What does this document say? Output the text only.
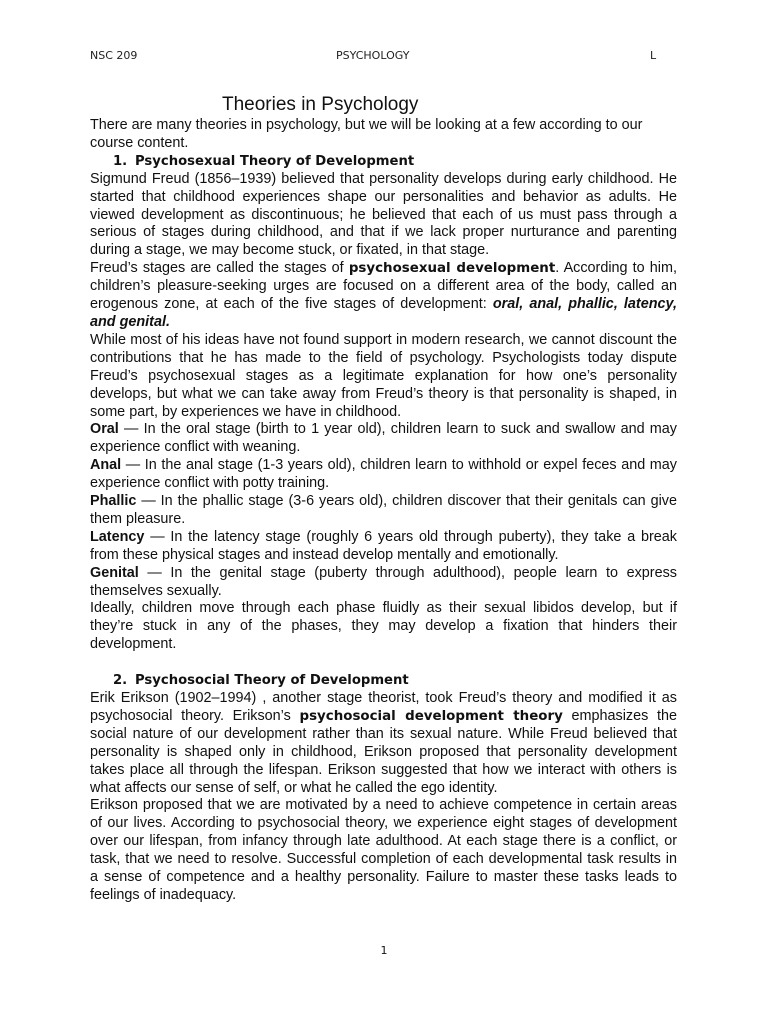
NSC 209	PSYCHOLOGY	L
Theories in Psychology

There are many theories in psychology, but we will be looking at a few according to our course content.

1. Psychosexual Theory of Development

Sigmund Freud (1856–1939) believed that personality develops during early childhood. He started that childhood experiences shape our personalities and behavior as adults. He viewed development as discontinuous; he believed that each of us must pass through a serious of stages during childhood, and that if we lack proper nurturance and parenting during a stage, we may become stuck, or fixated, in that stage.

Freud’s stages are called the stages of psychosexual development. According to him, children’s pleasure-seeking urges are focused on a different area of the body, called an erogenous zone, at each of the five stages of development: oral, anal, phallic, latency, and genital.

While most of his ideas have not found support in modern research, we cannot discount the contributions that he has made to the field of psychology. Psychologists today dispute Freud’s psychosexual stages as a legitimate explanation for how one’s personality develops, but what we can take away from Freud’s theory is that personality is shaped, in some part, by experiences we have in childhood.

Oral — In the oral stage (birth to 1 year old), children learn to suck and swallow and may experience conflict with weaning.

Anal — In the anal stage (1-3 years old), children learn to withhold or expel feces and may experience conflict with potty training.

Phallic — In the phallic stage (3-6 years old), children discover that their genitals can give them pleasure.

Latency — In the latency stage (roughly 6 years old through puberty), they take a break from these physical stages and instead develop mentally and emotionally.

Genital — In the genital stage (puberty through adulthood), people learn to express themselves sexually.

Ideally, children move through each phase fluidly as their sexual libidos develop, but if they’re stuck in any of the phases, they may develop a fixation that hinders their development.

2. Psychosocial Theory of Development

Erik Erikson (1902–1994) , another stage theorist, took Freud’s theory and modified it as psychosocial theory. Erikson’s psychosocial development theory emphasizes the social nature of our development rather than its sexual nature. While Freud believed that personality is shaped only in childhood, Erikson proposed that personality development takes place all through the lifespan. Erikson suggested that how we interact with others is what affects our sense of self, or what he called the ego identity.

Erikson proposed that we are motivated by a need to achieve competence in certain areas of our lives. According to psychosocial theory, we experience eight stages of development over our lifespan, from infancy through late adulthood. At each stage there is a conflict, or task, that we need to resolve. Successful completion of each developmental task results in a sense of competence and a healthy personality. Failure to master these tasks leads to feelings of inadequacy.

1
